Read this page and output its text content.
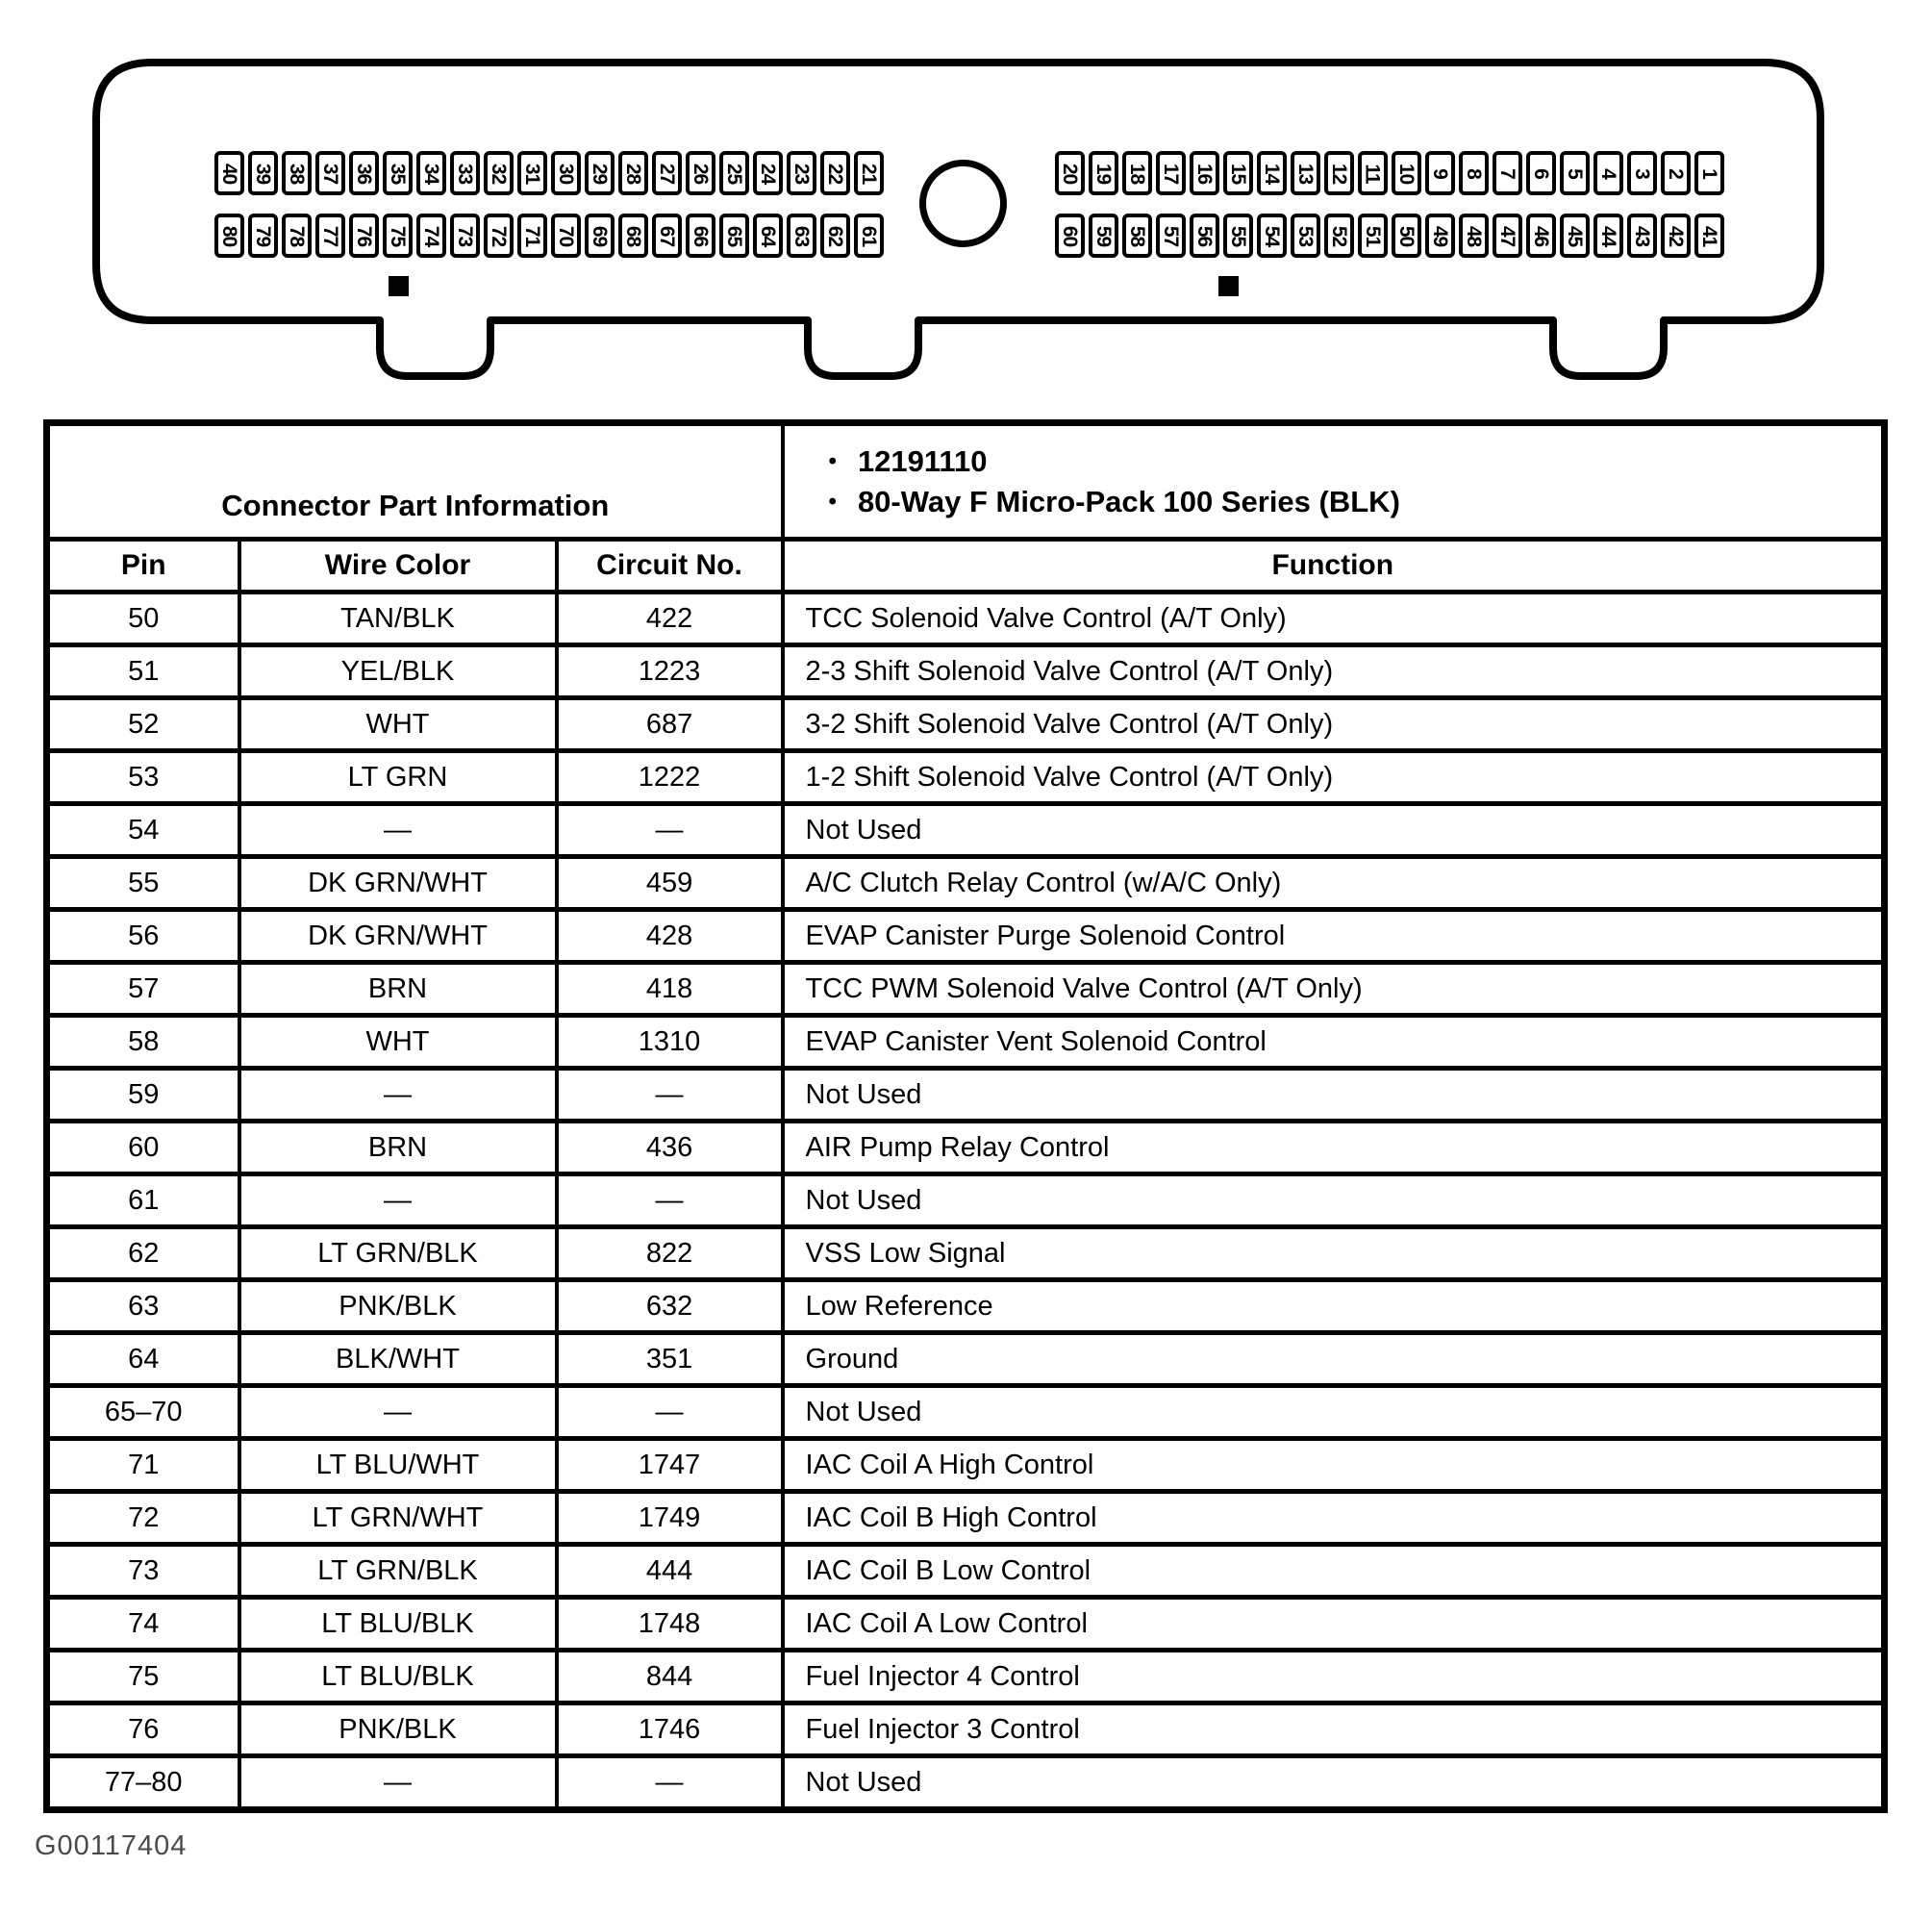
40 39 38 37 36 35 34 33 32 31 30 29 28 27 26 25 24 23 22 21
80 79 78 77 76 75 74 73 72 71 70 69 68 67 66 65 64 63 62 61
20 19 18 17 16 15 14 13 12 11 10 9 8 7 6 5 4 3 2 1
60 59 58 57 56 55 54 53 52 51 50 49 48 47 46 45 44 43 42 41
Connector Part Information			• 12191110
• 80-Way F Micro-Pack 100 Series (BLK)

Pin	Wire Color	Circuit No.	Function
50	TAN/BLK	422	TCC Solenoid Valve Control (A/T Only)
51	YEL/BLK	1223	2-3 Shift Solenoid Valve Control (A/T Only)
52	WHT	687	3-2 Shift Solenoid Valve Control (A/T Only)
53	LT GRN	1222	1-2 Shift Solenoid Valve Control (A/T Only)
54	—	—	Not Used
55	DK GRN/WHT	459	A/C Clutch Relay Control (w/A/C Only)
56	DK GRN/WHT	428	EVAP Canister Purge Solenoid Control
57	BRN	418	TCC PWM Solenoid Valve Control (A/T Only)
58	WHT	1310	EVAP Canister Vent Solenoid Control
59	—	—	Not Used
60	BRN	436	AIR Pump Relay Control
61	—	—	Not Used
62	LT GRN/BLK	822	VSS Low Signal
63	PNK/BLK	632	Low Reference
64	BLK/WHT	351	Ground
65–70	—	—	Not Used
71	LT BLU/WHT	1747	IAC Coil A High Control
72	LT GRN/WHT	1749	IAC Coil B High Control
73	LT GRN/BLK	444	IAC Coil B Low Control
74	LT BLU/BLK	1748	IAC Coil A Low Control
75	LT BLU/BLK	844	Fuel Injector 4 Control
76	PNK/BLK	1746	Fuel Injector 3 Control
77–80	—	—	Not Used
G00117404
